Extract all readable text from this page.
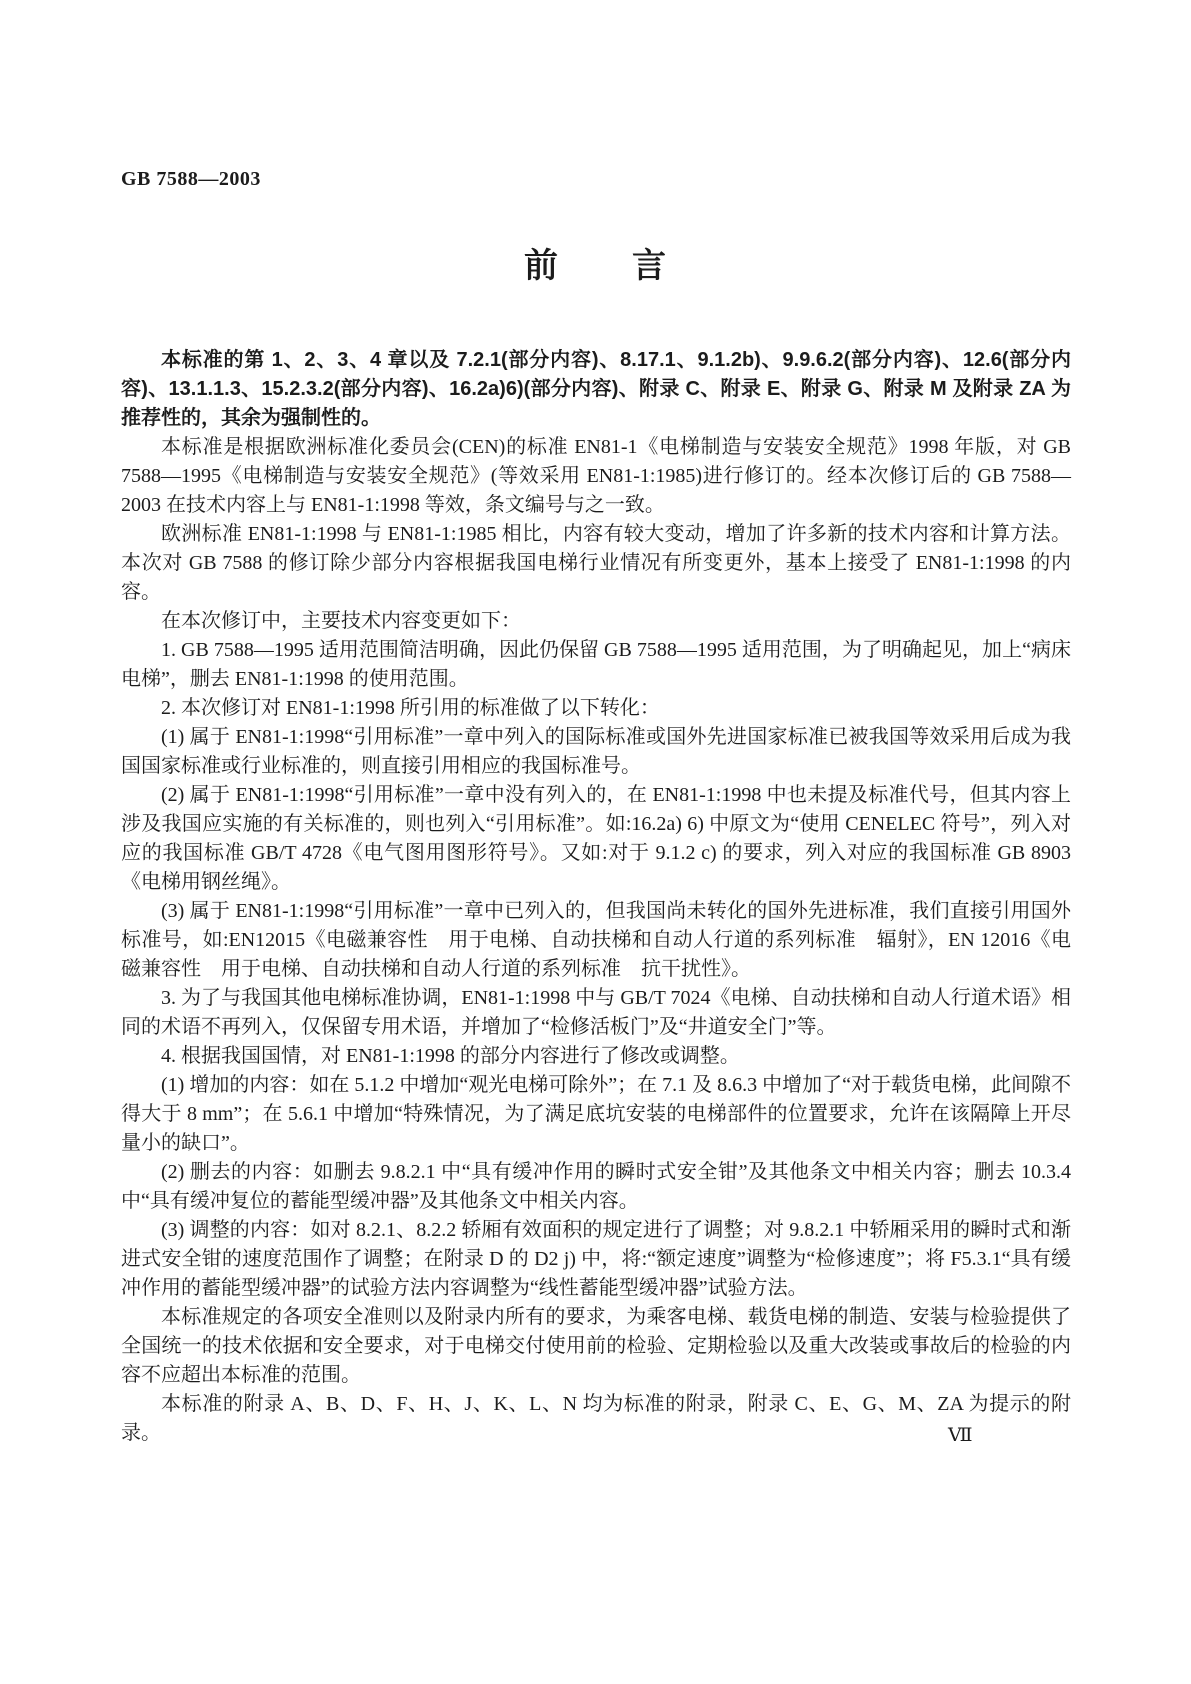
GB 7588—2003
前　　言
本标准的第 1、2、3、4 章以及 7.2.1(部分内容)、8.17.1、9.1.2b)、9.9.6.2(部分内容)、12.6(部分内容)、13.1.1.3、15.2.3.2(部分内容)、16.2a)6)(部分内容)、附录 C、附录 E、附录 G、附录 M 及附录 ZA 为推荐性的，其余为强制性的。
本标准是根据欧洲标准化委员会(CEN)的标准 EN81-1《电梯制造与安装安全规范》1998 年版，对 GB 7588—1995《电梯制造与安装安全规范》(等效采用 EN81-1:1985)进行修订的。经本次修订后的 GB 7588—2003 在技术内容上与 EN81-1:1998 等效，条文编号与之一致。
欧洲标准 EN81-1:1998 与 EN81-1:1985 相比，内容有较大变动，增加了许多新的技术内容和计算方法。本次对 GB 7588 的修订除少部分内容根据我国电梯行业情况有所变更外，基本上接受了 EN81-1:1998 的内容。
在本次修订中，主要技术内容变更如下：
1. GB 7588—1995 适用范围简洁明确，因此仍保留 GB 7588—1995 适用范围，为了明确起见，加上“病床电梯”，删去 EN81-1:1998 的使用范围。
2. 本次修订对 EN81-1:1998 所引用的标准做了以下转化：
(1) 属于 EN81-1:1998“引用标准”一章中列入的国际标准或国外先进国家标准已被我国等效采用后成为我国国家标准或行业标准的，则直接引用相应的我国标准号。
(2) 属于 EN81-1:1998“引用标准”一章中没有列入的，在 EN81-1:1998 中也未提及标准代号，但其内容上涉及我国应实施的有关标准的，则也列入“引用标准”。如:16.2a) 6) 中原文为“使用 CENELEC 符号”，列入对应的我国标准 GB/T 4728《电气图用图形符号》。又如:对于 9.1.2 c) 的要求，列入对应的我国标准 GB 8903《电梯用钢丝绳》。
(3) 属于 EN81-1:1998“引用标准”一章中已列入的，但我国尚未转化的国外先进标准，我们直接引用国外标准号，如:EN12015《电磁兼容性　用于电梯、自动扶梯和自动人行道的系列标准　辐射》，EN 12016《电磁兼容性　用于电梯、自动扶梯和自动人行道的系列标准　抗干扰性》。
3. 为了与我国其他电梯标准协调，EN81-1:1998 中与 GB/T 7024《电梯、自动扶梯和自动人行道术语》相同的术语不再列入，仅保留专用术语，并增加了“检修活板门”及“井道安全门”等。
4. 根据我国国情，对 EN81-1:1998 的部分内容进行了修改或调整。
(1) 增加的内容：如在 5.1.2 中增加“观光电梯可除外”；在 7.1 及 8.6.3 中增加了“对于载货电梯，此间隙不得大于 8 mm”；在 5.6.1 中增加“特殊情况，为了满足底坑安装的电梯部件的位置要求，允许在该隔障上开尽量小的缺口”。
(2) 删去的内容：如删去 9.8.2.1 中“具有缓冲作用的瞬时式安全钳”及其他条文中相关内容；删去 10.3.4 中“具有缓冲复位的蓄能型缓冲器”及其他条文中相关内容。
(3) 调整的内容：如对 8.2.1、8.2.2 轿厢有效面积的规定进行了调整；对 9.8.2.1 中轿厢采用的瞬时式和渐进式安全钳的速度范围作了调整；在附录 D 的 D2 j) 中，将:“额定速度”调整为“检修速度”；将 F5.3.1“具有缓冲作用的蓄能型缓冲器”的试验方法内容调整为“线性蓄能型缓冲器”试验方法。
本标准规定的各项安全准则以及附录内所有的要求，为乘客电梯、载货电梯的制造、安装与检验提供了全国统一的技术依据和安全要求，对于电梯交付使用前的检验、定期检验以及重大改装或事故后的检验的内容不应超出本标准的范围。
本标准的附录 A、B、D、F、H、J、K、L、N 均为标准的附录，附录 C、E、G、M、ZA 为提示的附录。	Ⅶ
